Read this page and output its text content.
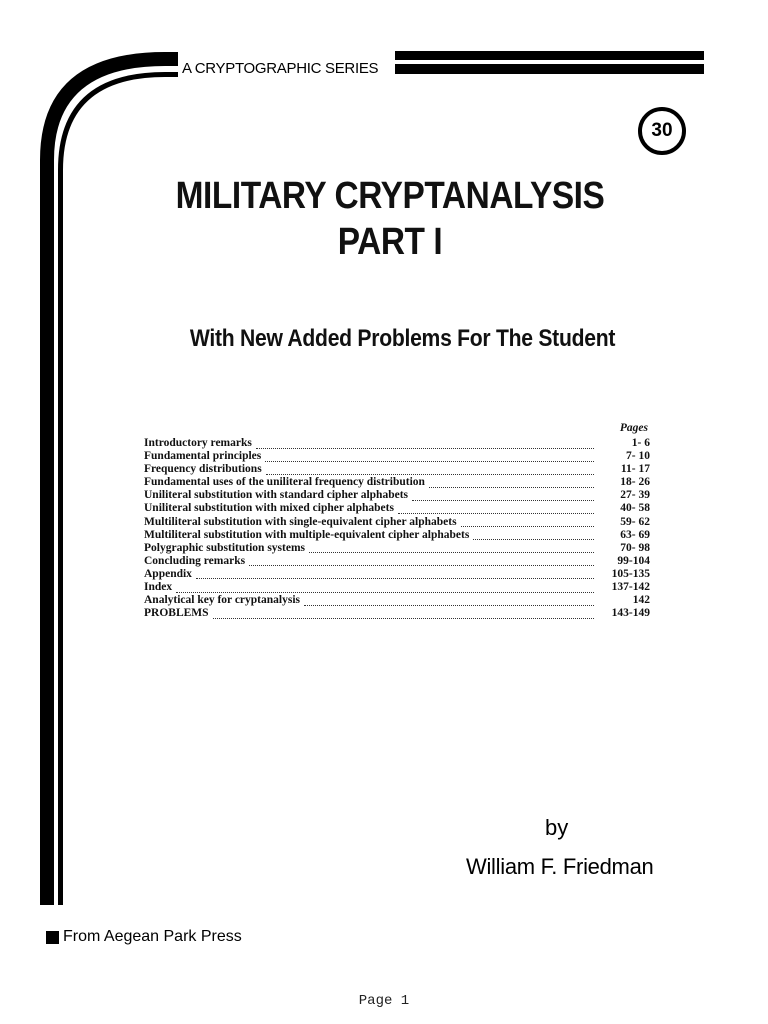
A CRYPTOGRAPHIC SERIES
30
MILITARY CRYPTANALYSIS
PART I
With New Added Problems For The Student
Pages
Introductory remarks	1- 6
Fundamental principles	7- 10
Frequency distributions	11- 17
Fundamental uses of the uniliteral frequency distribution	18- 26
Uniliteral substitution with standard cipher alphabets	27- 39
Uniliteral substitution with mixed cipher alphabets	40- 58
Multiliteral substitution with single-equivalent cipher alphabets	59- 62
Multiliteral substitution with multiple-equivalent cipher alphabets	63- 69
Polygraphic substitution systems	70- 98
Concluding remarks	99-104
Appendix	105-135
Index	137-142
Analytical key for cryptanalysis	142
PROBLEMS	143-149
by
William F. Friedman
From Aegean Park Press
Page 1
